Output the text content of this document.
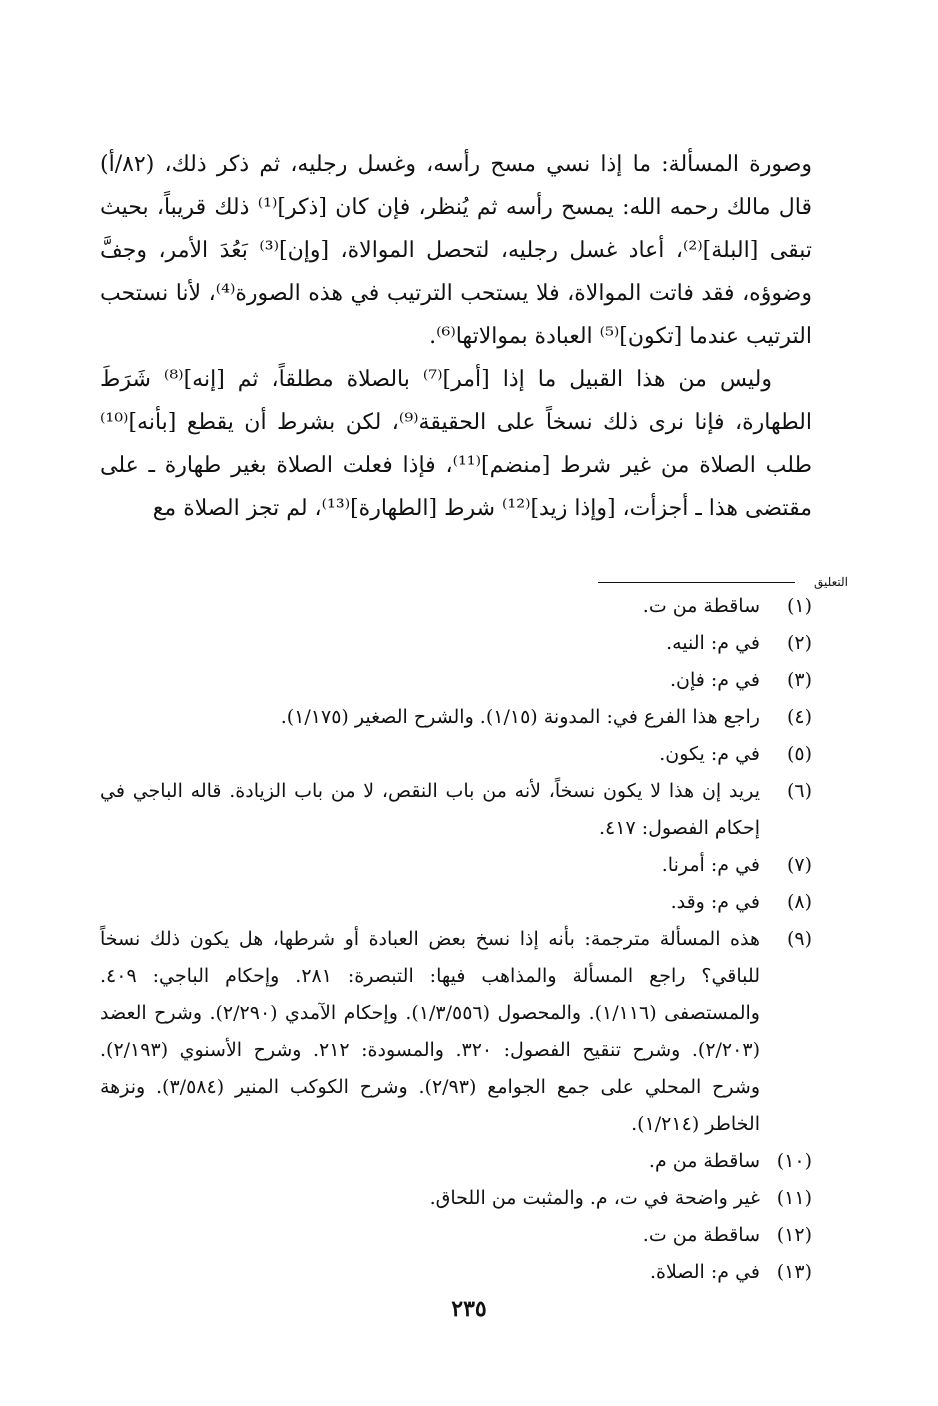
وصورة المسألة: ما إذا نسي مسح رأسه، وغسل رجليه، ثم ذكر ذلك، (٨٢/أ) قال مالك رحمه الله: يمسح رأسه ثم يُنظر، فإن كان [ذكر]⁽¹⁾ ذلك قريباً، بحيث تبقى [البلة]⁽²⁾، أعاد غسل رجليه، لتحصل الموالاة، [وإن]⁽³⁾ بَعُدَ الأمر، وجفَّ وضوؤه، فقد فاتت الموالاة، فلا يستحب الترتيب في هذه الصورة⁽⁴⁾، لأنا نستحب الترتيب عندما [تكون]⁽⁵⁾ العبادة بموالاتها⁽⁶⁾.

وليس من هذا القبيل ما إذا [أمر]⁽⁷⁾ بالصلاة مطلقاً، ثم [إنه]⁽⁸⁾ شَرَطَ الطهارة، فإنا نرى ذلك نسخاً على الحقيقة⁽⁹⁾، لكن بشرط أن يقطع [بأنه]⁽¹⁰⁾ طلب الصلاة من غير شرط [منضم]⁽¹¹⁾، فإذا فعلت الصلاة بغير طهارة ـ على مقتضى هذا ـ أجزأت، [وإذا زيد]⁽¹²⁾ شرط [الطهارة]⁽¹³⁾، لم تجز الصلاة مع

التعليق
(١)
ساقطة من ت.
(٢)
في م: النيه.
(٣)
في م: فإن.
(٤)
راجع هذا الفرع في: المدونة (١/١٥). والشرح الصغير (١/١٧٥).
(٥)
في م: يكون.
(٦)
يريد إن هذا لا يكون نسخاً، لأنه من باب النقص، لا من باب الزيادة. قاله الباجي في إحكام الفصول: ٤١٧.
(٧)
في م: أمرنا.
(٨)
في م: وقد.
(٩)
هذه المسألة مترجمة: بأنه إذا نسخ بعض العبادة أو شرطها، هل يكون ذلك نسخاً للباقي؟ راجع المسألة والمذاهب فيها: التبصرة: ٢٨١. وإحكام الباجي: ٤٠٩. والمستصفى (١/١١٦). والمحصول (١/٣/٥٥٦). وإحكام الآمدي (٢/٢٩٠). وشرح العضد (٢/٢٠٣). وشرح تنقيح الفصول: ٣٢٠. والمسودة: ٢١٢. وشرح الأسنوي (٢/١٩٣). وشرح المحلي على جمع الجوامع (٢/٩٣). وشرح الكوكب المنير (٣/٥٨٤). ونزهة الخاطر (١/٢١٤).
(١٠)
ساقطة من م.
(١١)
غير واضحة في ت، م. والمثبت من اللحاق.
(١٢)
ساقطة من ت.
(١٣)
في م: الصلاة.
٢٣٥
